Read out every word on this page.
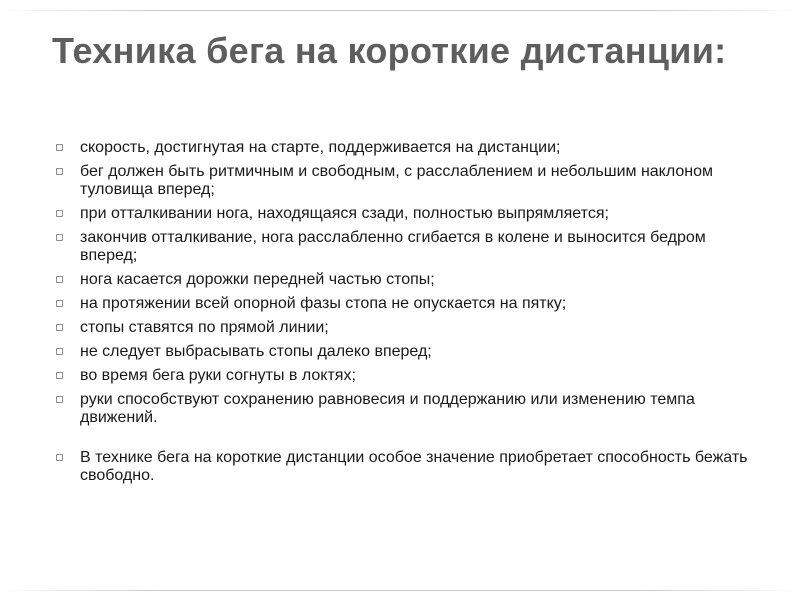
Техника бега на короткие дистанции:
скорость, достигнутая на старте, поддерживается на дистанции;
бег должен быть ритмичным и свободным, с расслаблением и небольшим наклоном туловища вперед;
при отталкивании нога, находящаяся сзади, полностью выпрямляется;
закончив отталкивание, нога расслабленно сгибается в колене и выносится бедром вперед;
нога касается дорожки передней частью стопы;
на протяжении всей опорной фазы стопа не опускается на пятку;
стопы ставятся по прямой линии;
не следует выбрасывать стопы далеко вперед;
во время бега руки согнуты в локтях;
руки способствуют сохранению равновесия и поддержанию или изменению темпа движений.
В технике бега на короткие дистанции особое значение приобретает способность бежать свободно.
